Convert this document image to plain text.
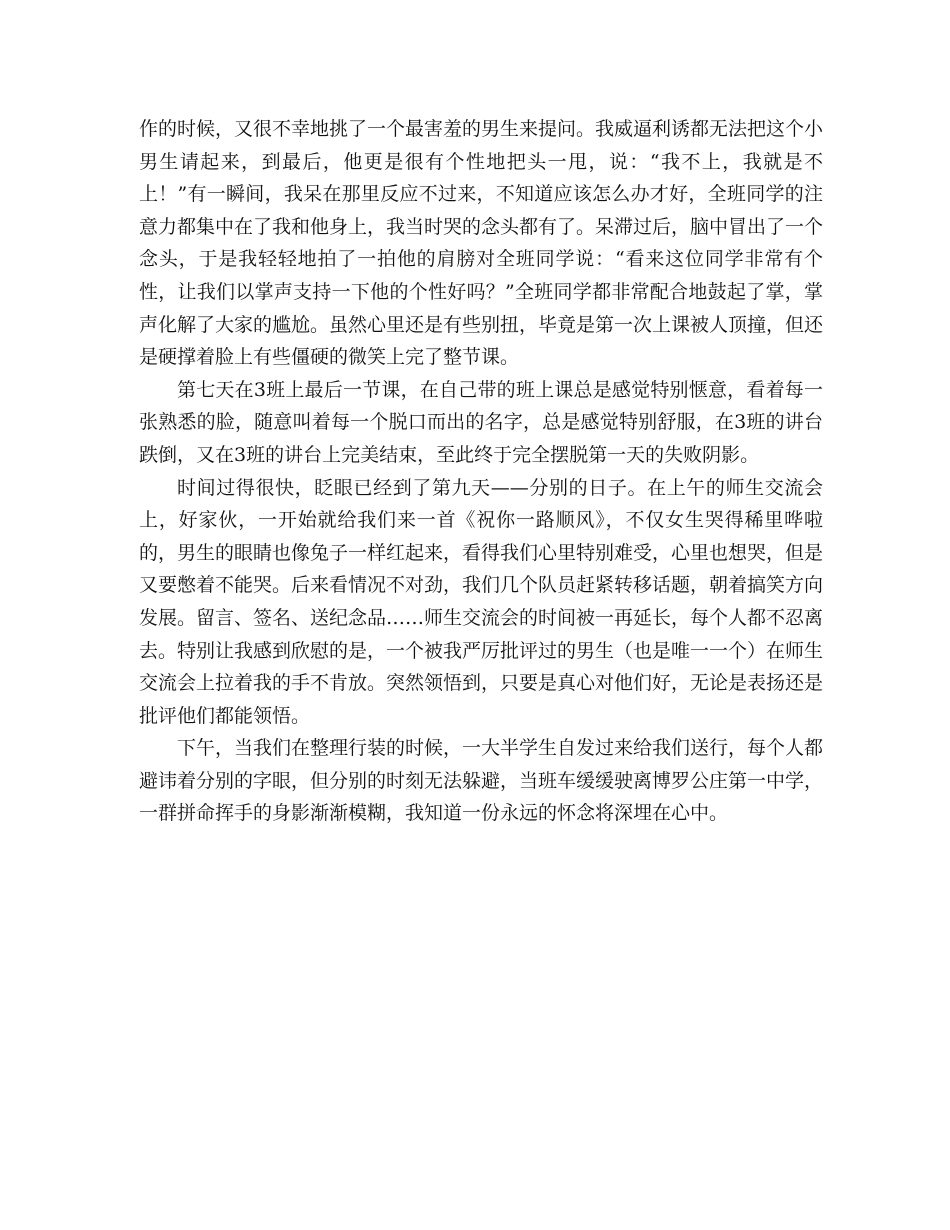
作的时候，又很不幸地挑了一个最害羞的男生来提问。我威逼利诱都无法把这个小男生请起来，到最后，他更是很有个性地把头一甩，说：“我不上，我就是不上！”有一瞬间，我呆在那里反应不过来，不知道应该怎么办才好，全班同学的注意力都集中在了我和他身上，我当时哭的念头都有了。呆滞过后，脑中冒出了一个念头，于是我轻轻地拍了一拍他的肩膀对全班同学说：“看来这位同学非常有个性，让我们以掌声支持一下他的个性好吗？”全班同学都非常配合地鼓起了掌，掌声化解了大家的尴尬。虽然心里还是有些别扭，毕竟是第一次上课被人顶撞，但还是硬撑着脸上有些僵硬的微笑上完了整节课。

第七天在3班上最后一节课，在自己带的班上课总是感觉特别惬意，看着每一张熟悉的脸，随意叫着每一个脱口而出的名字，总是感觉特别舒服，在3班的讲台跌倒，又在3班的讲台上完美结束，至此终于完全摆脱第一天的失败阴影。

时间过得很快，眨眼已经到了第九天——分别的日子。在上午的师生交流会上，好家伙，一开始就给我们来一首《祝你一路顺风》，不仅女生哭得稀里哗啦的，男生的眼睛也像兔子一样红起来，看得我们心里特别难受，心里也想哭，但是又要憋着不能哭。后来看情况不对劲，我们几个队员赶紧转移话题，朝着搞笑方向发展。留言、签名、送纪念品……师生交流会的时间被一再延长，每个人都不忍离去。特别让我感到欣慰的是，一个被我严厉批评过的男生（也是唯一一个）在师生交流会上拉着我的手不肯放。突然领悟到，只要是真心对他们好，无论是表扬还是批评他们都能领悟。

下午，当我们在整理行装的时候，一大半学生自发过来给我们送行，每个人都避讳着分别的字眼，但分别的时刻无法躲避，当班车缓缓驶离博罗公庄第一中学，一群拼命挥手的身影渐渐模糊，我知道一份永远的怀念将深埋在心中。
